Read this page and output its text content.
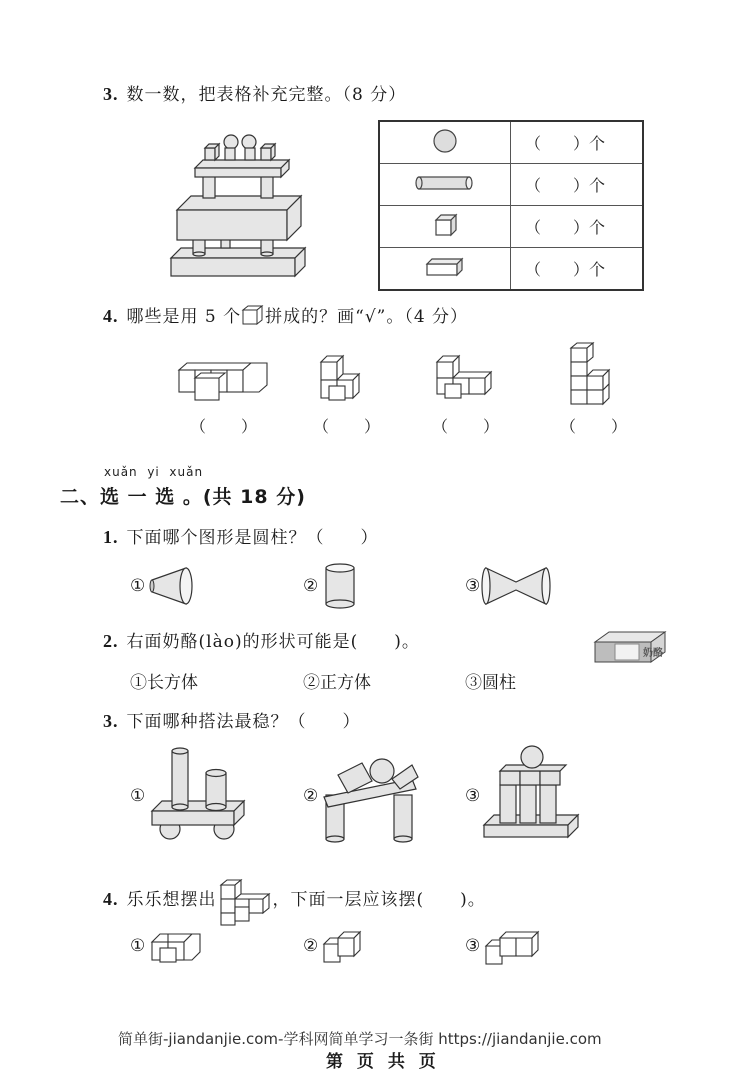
3. 数一数，把表格补充完整。（8 分）
	（　　）个
	（　　）个
	（　　）个
	（　　）个
4. 哪些是用 5 个 拼成的？画“√”。（4 分）
（　　）	（　　）	（　　）	（　　）
xuǎn yi xuǎn
二、选 一 选 。(共 18 分)
1. 下面哪个图形是圆柱？（　　）
①	②	③
2. 右面奶酪(lào)的形状可能是(　　)。
奶酪
①长方体	②正方体	③圆柱
3. 下面哪种搭法最稳？（　　）
①	②	③
4. 乐乐想摆出	，下面一层应该摆(　　)。
①	②	③
简单街-jiandanjie.com-学科网简单学习一条街 https://jiandanjie.com
第 页 共 页
